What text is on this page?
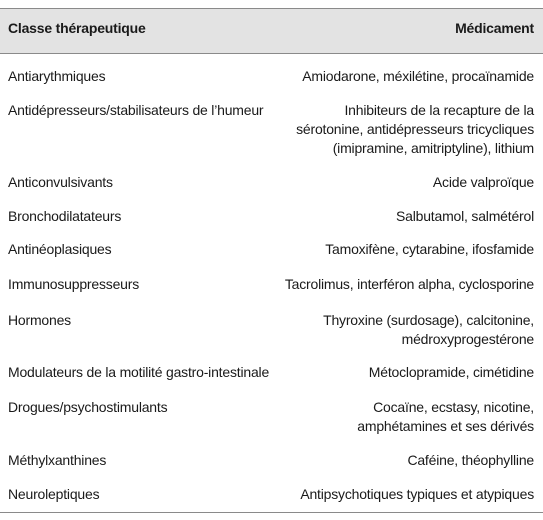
Classe thérapeutique	Médicament
Antiarythmiques	Amiodarone, méxilétine, procaïnamide
Antidépresseurs/stabilisateurs de l’humeur	Inhibiteurs de la recapture de la
sérotonine, antidépresseurs tricycliques
(imipramine, amitriptyline), lithium
Anticonvulsivants	Acide valproïque
Bronchodilatateurs	Salbutamol, salmétérol
Antinéoplasiques	Tamoxifène, cytarabine, ifosfamide
Immunosuppresseurs	Tacrolimus, interféron alpha, cyclosporine
Hormones	Thyroxine (surdosage), calcitonine,
médroxyprogestérone
Modulateurs de la motilité gastro-intestinale	Métoclopramide, cimétidine
Drogues/psychostimulants	Cocaïne, ecstasy, nicotine,
amphétamines et ses dérivés
Méthylxanthines	Caféine, théophylline
Neuroleptiques	Antipsychotiques typiques et atypiques
